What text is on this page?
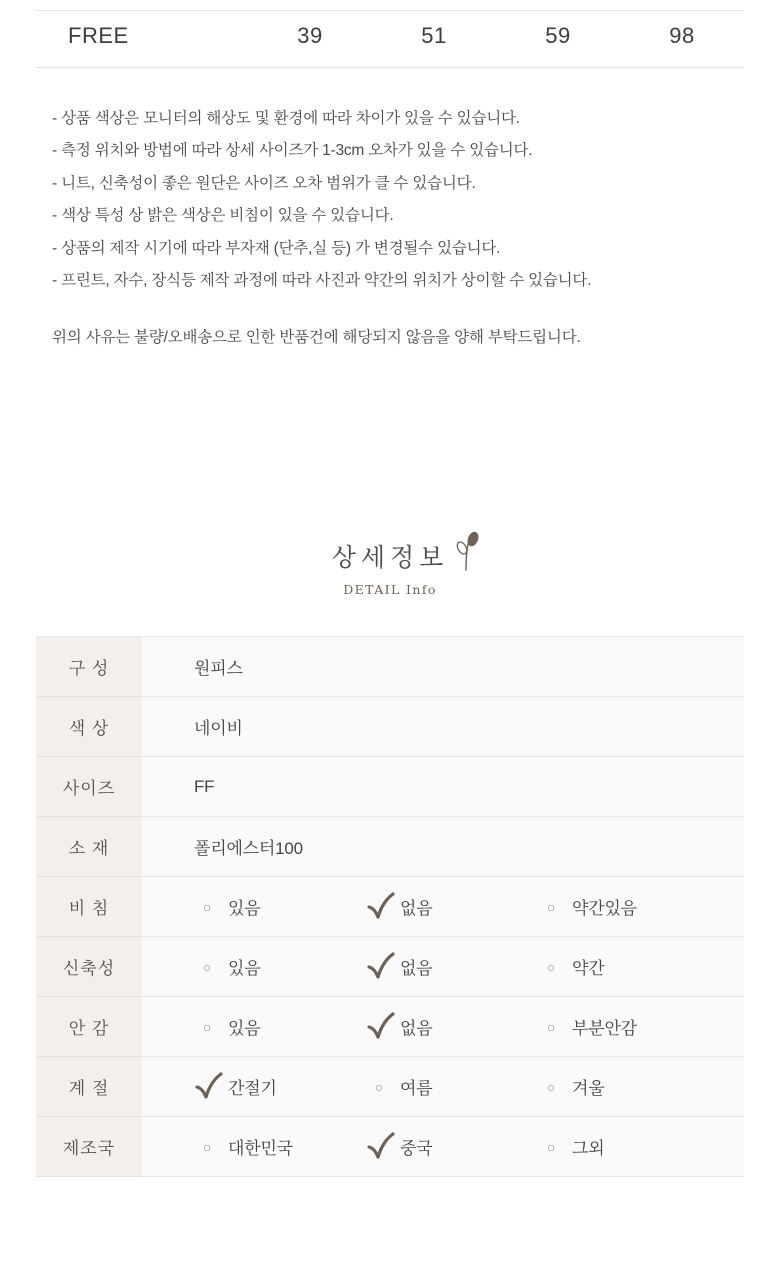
FREE	39	51	59	98

- 상품 색상은 모니터의 해상도 및 환경에 따라 차이가 있을 수 있습니다.

- 측정 위치와 방법에 따라 상세 사이즈가 1-3cm 오차가 있을 수 있습니다.

- 니트, 신축성이 좋은 원단은 사이즈 오차 범위가 클 수 있습니다.

- 색상 특성 상 밝은 색상은 비침이 있을 수 있습니다.

- 상품의 제작 시기에 따라 부자재 (단추,실 등) 가 변경될수 있습니다.

- 프린트, 자수, 장식등 제작 과정에 따라 사진과 약간의 위치가 상이할 수 있습니다.

위의 사유는 불량/오배송으로 인한 반품건에 해당되지 않음을 양해 부탁드립니다.

상세정보
DETAIL Info
구 성	원피스
색 상	네이비
사이즈	FF
소 재	폴리에스터100
비 침	○ 있음 없음 ○ 약간있음

신축성	○ 있음 없음 ○ 약간

안 감	○ 있음 없음 ○ 부분안감

계 절	간절기 ○ 여름 ○ 겨울

제조국	○ 대한민국 중국 ○ 그외
